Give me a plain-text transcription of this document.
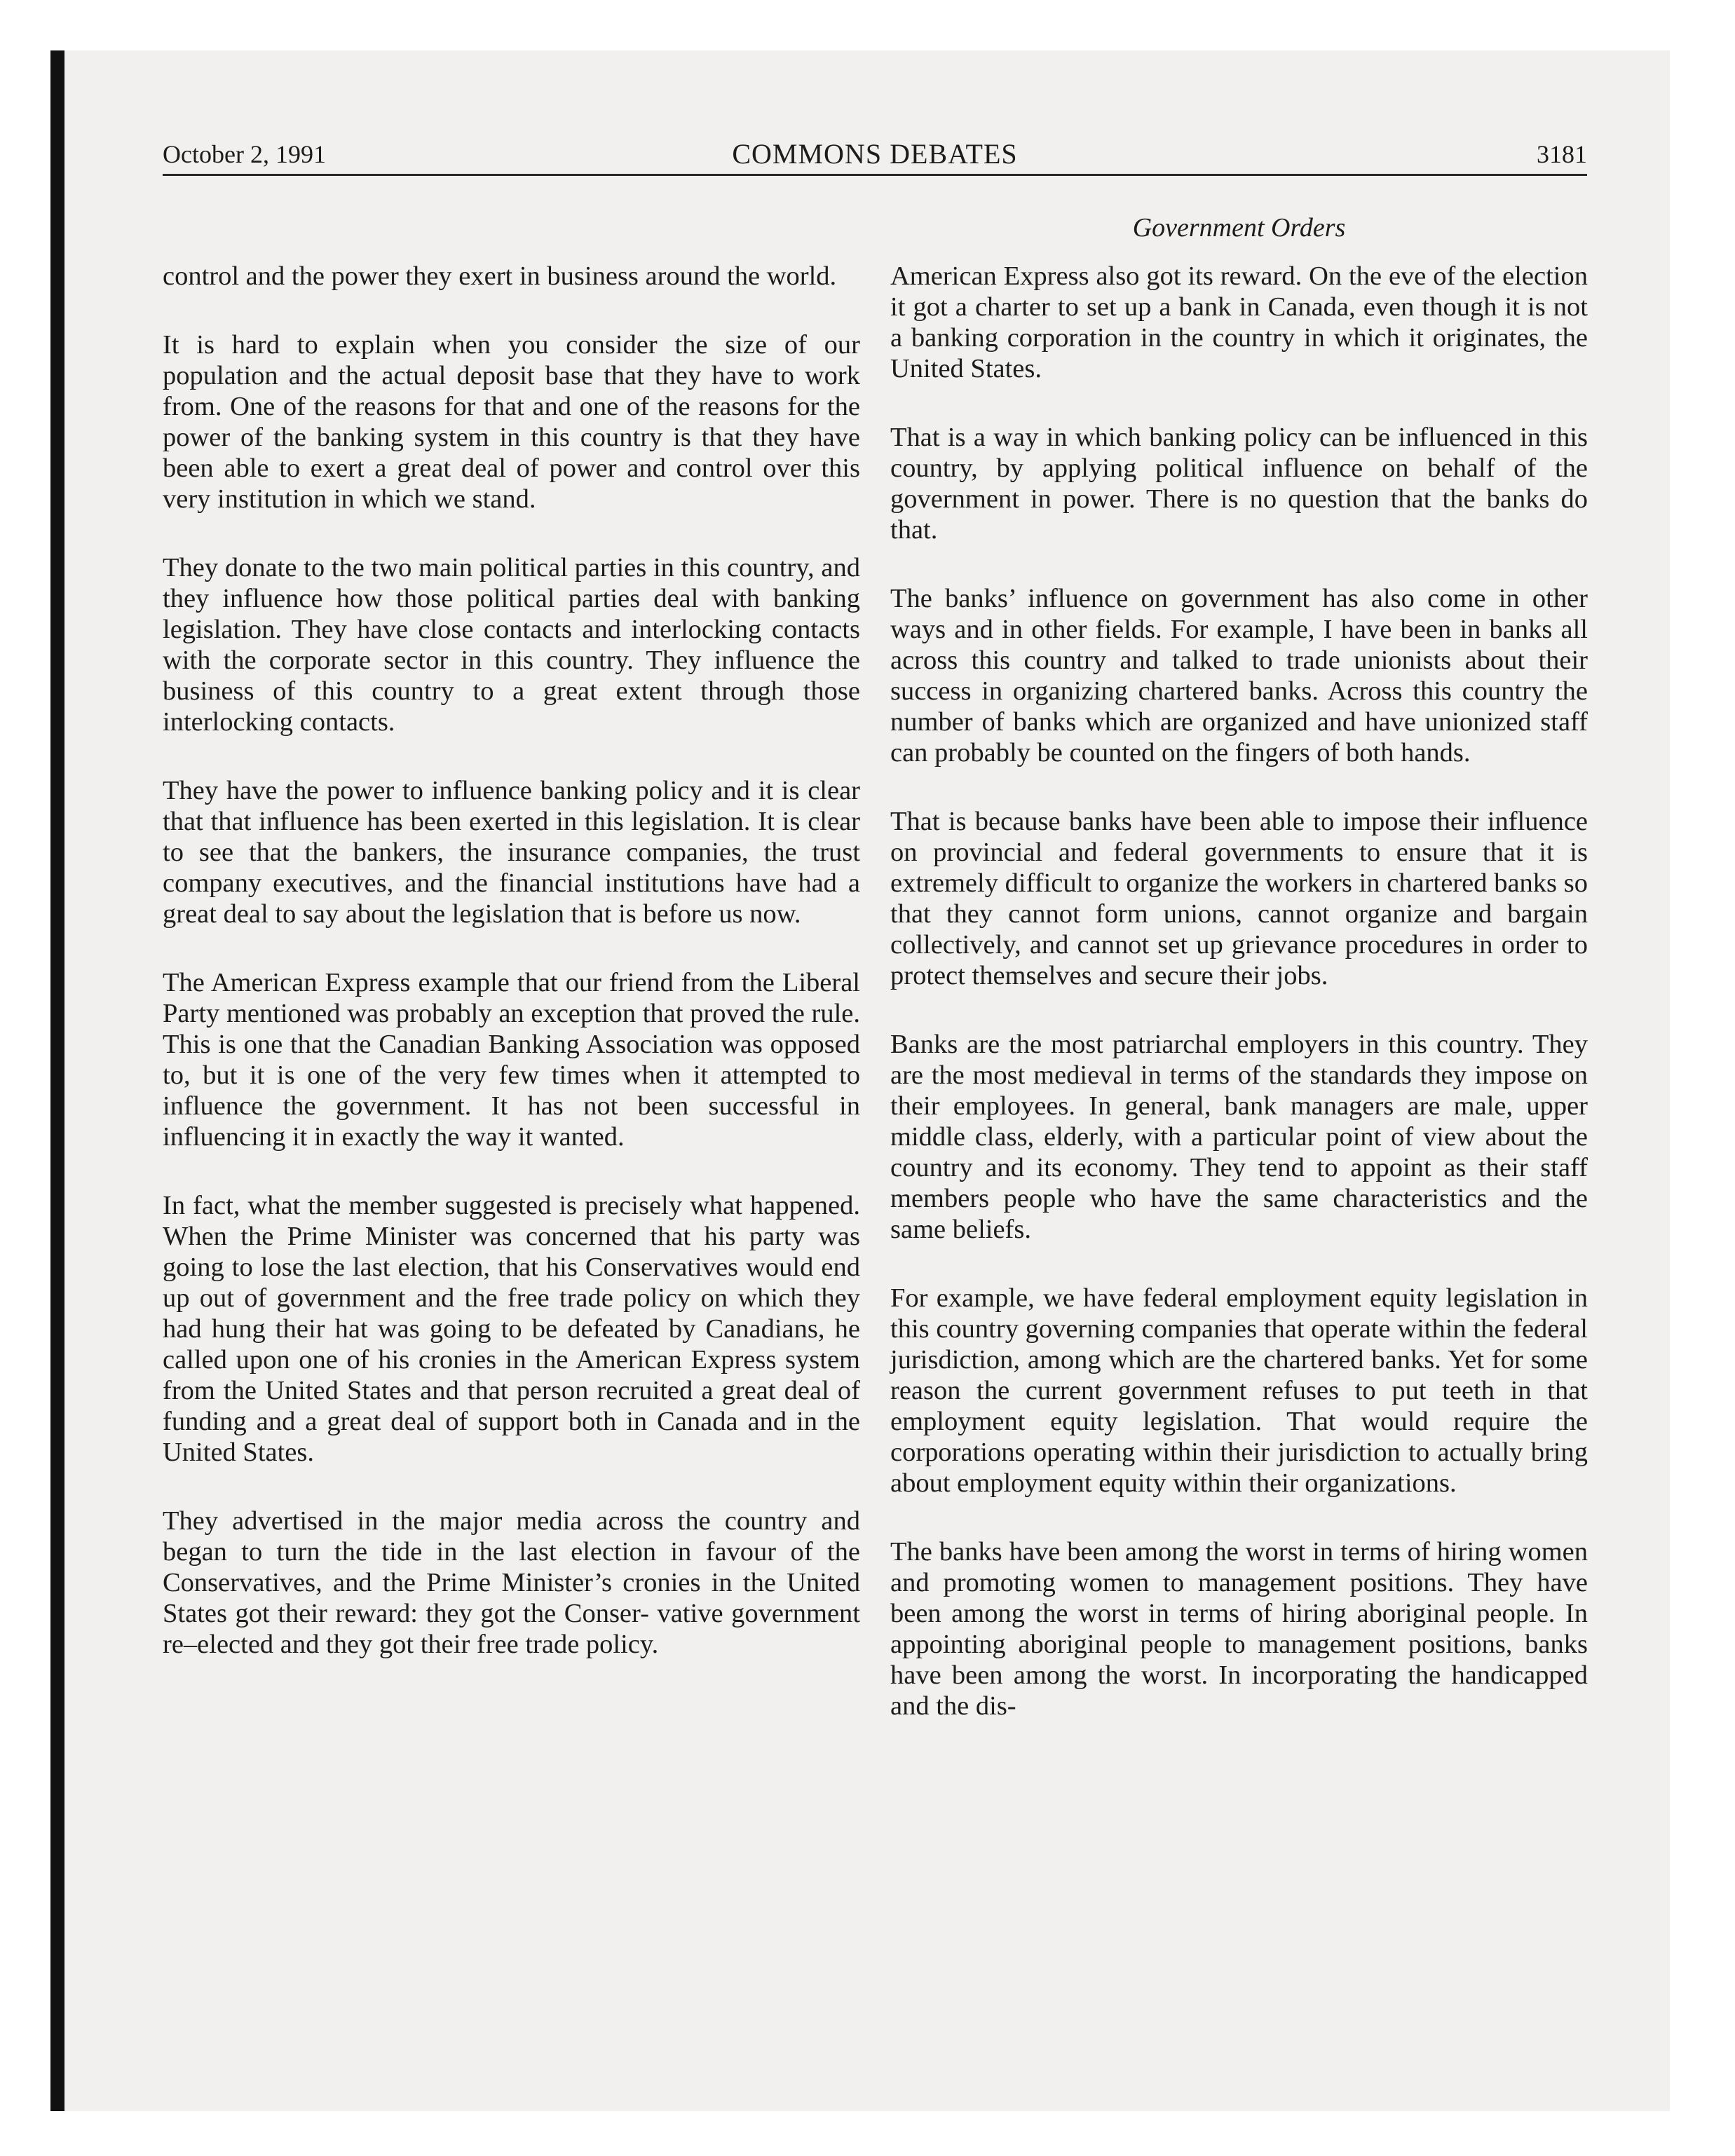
October 2, 1991	COMMONS DEBATES	3181
Government Orders

control and the power they exert in business around the world.

It is hard to explain when you consider the size of our population and the actual deposit base that they have to work from. One of the reasons for that and one of the reasons for the power of the banking system in this country is that they have been able to exert a great deal of power and control over this very institution in which we stand.

They donate to the two main political parties in this country, and they influence how those political parties deal with banking legislation. They have close contacts and interlocking contacts with the corporate sector in this country. They influence the business of this country to a great extent through those interlocking contacts.

They have the power to influence banking policy and it is clear that that influence has been exerted in this legislation. It is clear to see that the bankers, the insurance companies, the trust company executives, and the financial institutions have had a great deal to say about the legislation that is before us now.

The American Express example that our friend from the Liberal Party mentioned was probably an exception that proved the rule. This is one that the Canadian Banking Association was opposed to, but it is one of the very few times when it attempted to influence the government. It has not been successful in influencing it in exactly the way it wanted.

In fact, what the member suggested is precisely what happened. When the Prime Minister was concerned that his party was going to lose the last election, that his Conservatives would end up out of government and the free trade policy on which they had hung their hat was going to be defeated by Canadians, he called upon one of his cronies in the American Express system from the United States and that person recruited a great deal of funding and a great deal of support both in Canada and in the United States.

They advertised in the major media across the country and began to turn the tide in the last election in favour of the Conservatives, and the Prime Minister’s cronies in the United States got their reward: they got the Conser- vative government re–elected and they got their free trade policy.

American Express also got its reward. On the eve of the election it got a charter to set up a bank in Canada, even though it is not a banking corporation in the country in which it originates, the United States.

That is a way in which banking policy can be influenced in this country, by applying political influence on behalf of the government in power. There is no question that the banks do that.

The banks’ influence on government has also come in other ways and in other fields. For example, I have been in banks all across this country and talked to trade unionists about their success in organizing chartered banks. Across this country the number of banks which are organized and have unionized staff can probably be counted on the fingers of both hands.

That is because banks have been able to impose their influence on provincial and federal governments to ensure that it is extremely difficult to organize the workers in chartered banks so that they cannot form unions, cannot organize and bargain collectively, and cannot set up grievance procedures in order to protect themselves and secure their jobs.

Banks are the most patriarchal employers in this country. They are the most medieval in terms of the standards they impose on their employees. In general, bank managers are male, upper middle class, elderly, with a particular point of view about the country and its economy. They tend to appoint as their staff members people who have the same characteristics and the same beliefs.

For example, we have federal employment equity legislation in this country governing companies that operate within the federal jurisdiction, among which are the chartered banks. Yet for some reason the current government refuses to put teeth in that employment equity legislation. That would require the corporations operating within their jurisdiction to actually bring about employment equity within their organizations.

The banks have been among the worst in terms of hiring women and promoting women to management positions. They have been among the worst in terms of hiring aboriginal people. In appointing aboriginal people to management positions, banks have been among the worst. In incorporating the handicapped and the dis-
